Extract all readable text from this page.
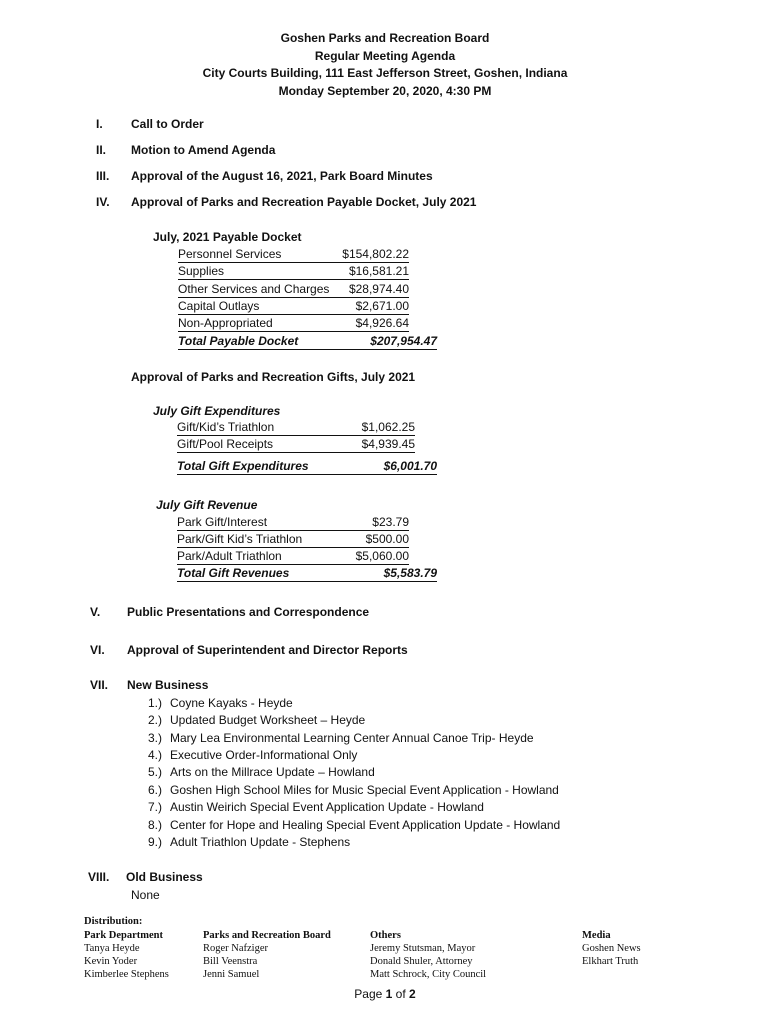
Goshen Parks and Recreation Board
Regular Meeting Agenda
City Courts Building, 111 East Jefferson Street, Goshen, Indiana
Monday September 20, 2020, 4:30 PM
I. Call to Order
II. Motion to Amend Agenda
III. Approval of the August 16, 2021, Park Board Minutes
IV. Approval of Parks and Recreation Payable Docket, July 2021
July, 2021 Payable Docket
Personnel Services	$154,802.22
Supplies	$16,581.21
Other Services and Charges $28,974.40
Capital Outlays	$2,671.00
Non-Appropriated	$4,926.64
Total Payable Docket	$207,954.47
Approval of Parks and Recreation Gifts, July 2021
July Gift Expenditures
Gift/Kid’s Triathlon	$1,062.25
Gift/Pool Receipts	$4,939.45
Total Gift Expenditures	$6,001.70
July Gift Revenue
Park Gift/Interest	$23.79
Park/Gift Kid’s Triathlon	$500.00
Park/Adult Triathlon	$5,060.00
Total Gift Revenues	$5,583.79
V. Public Presentations and Correspondence
VI. Approval of Superintendent and Director Reports
VII. New Business
1.) Coyne Kayaks - Heyde
2.) Updated Budget Worksheet – Heyde
3.) Mary Lea Environmental Learning Center Annual Canoe Trip- Heyde
4.) Executive Order-Informational Only
5.) Arts on the Millrace Update – Howland
6.) Goshen High School Miles for Music Special Event Application - Howland
7.) Austin Weirich Special Event Application Update - Howland
8.) Center for Hope and Healing Special Event Application Update - Howland
9.) Adult Triathlon Update - Stephens
VIII. Old Business
None
Distribution:
Park Department
Tanya Heyde
Kevin Yoder
Kimberlee Stephens
Parks and Recreation Board
Roger Nafziger
Bill Veenstra
Jenni Samuel
Others
Jeremy Stutsman, Mayor
Donald Shuler, Attorney
Matt Schrock, City Council
Media
Goshen News
Elkhart Truth
Page 1 of 2
